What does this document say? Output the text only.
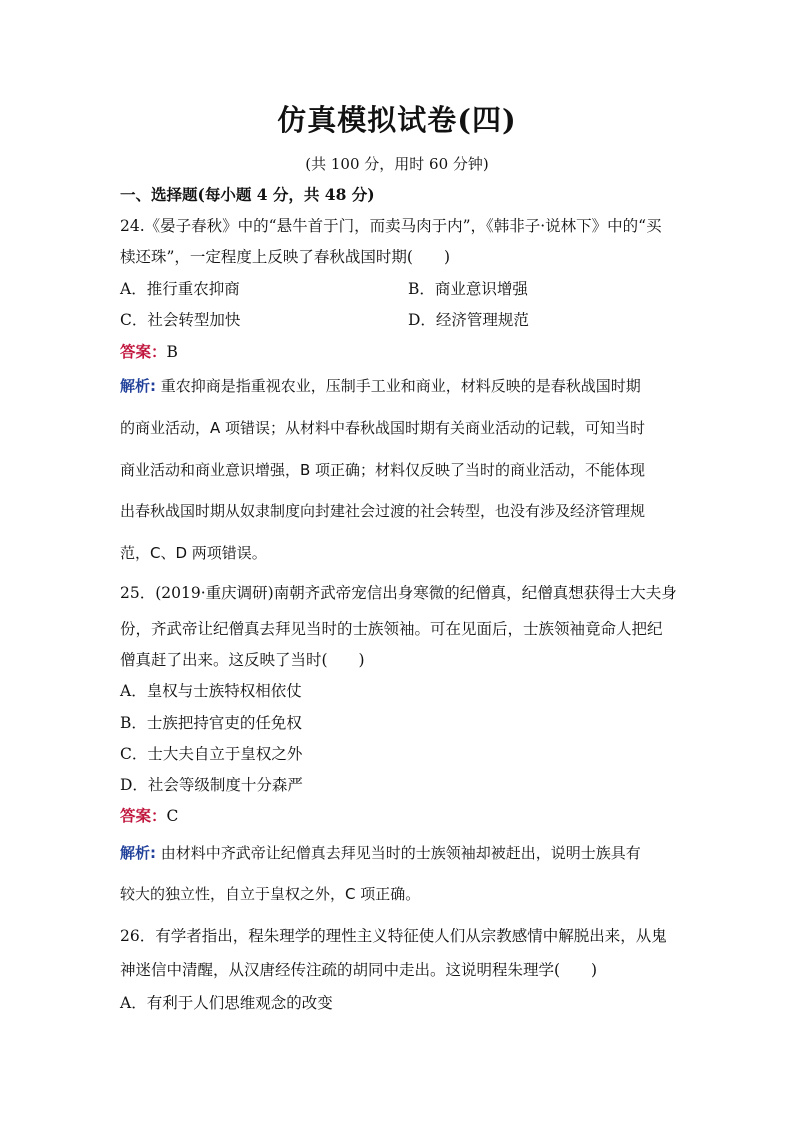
仿真模拟试卷(四)
(共 100 分，用时 60 分钟)
一、选择题(每小题 4 分，共 48 分)
24.《晏子春秋》中的“悬牛首于门，而卖马肉于内”，《韩非子·说林下》中的“买
椟还珠”，一定程度上反映了春秋战国时期(　　)
A．推行重农抑商	B．商业意识增强
C．社会转型加快	D．经济管理规范
答案：B
解析: 重农抑商是指重视农业，压制手工业和商业，材料反映的是春秋战国时期
的商业活动，A 项错误；从材料中春秋战国时期有关商业活动的记载，可知当时
商业活动和商业意识增强，B 项正确；材料仅反映了当时的商业活动，不能体现
出春秋战国时期从奴隶制度向封建社会过渡的社会转型，也没有涉及经济管理规
范，C、D 两项错误。
25．(2019·重庆调研)南朝齐武帝宠信出身寒微的纪僧真，纪僧真想获得士大夫身
份，齐武帝让纪僧真去拜见当时的士族领袖。可在见面后，士族领袖竟命人把纪
僧真赶了出来。这反映了当时(　　)
A．皇权与士族特权相依仗
B．士族把持官吏的任免权
C．士大夫自立于皇权之外
D．社会等级制度十分森严
答案：C
解析: 由材料中齐武帝让纪僧真去拜见当时的士族领袖却被赶出，说明士族具有
较大的独立性，自立于皇权之外，C 项正确。
26．有学者指出，程朱理学的理性主义特征使人们从宗教感情中解脱出来，从鬼
神迷信中清醒，从汉唐经传注疏的胡同中走出。这说明程朱理学(　　)
A．有利于人们思维观念的改变
